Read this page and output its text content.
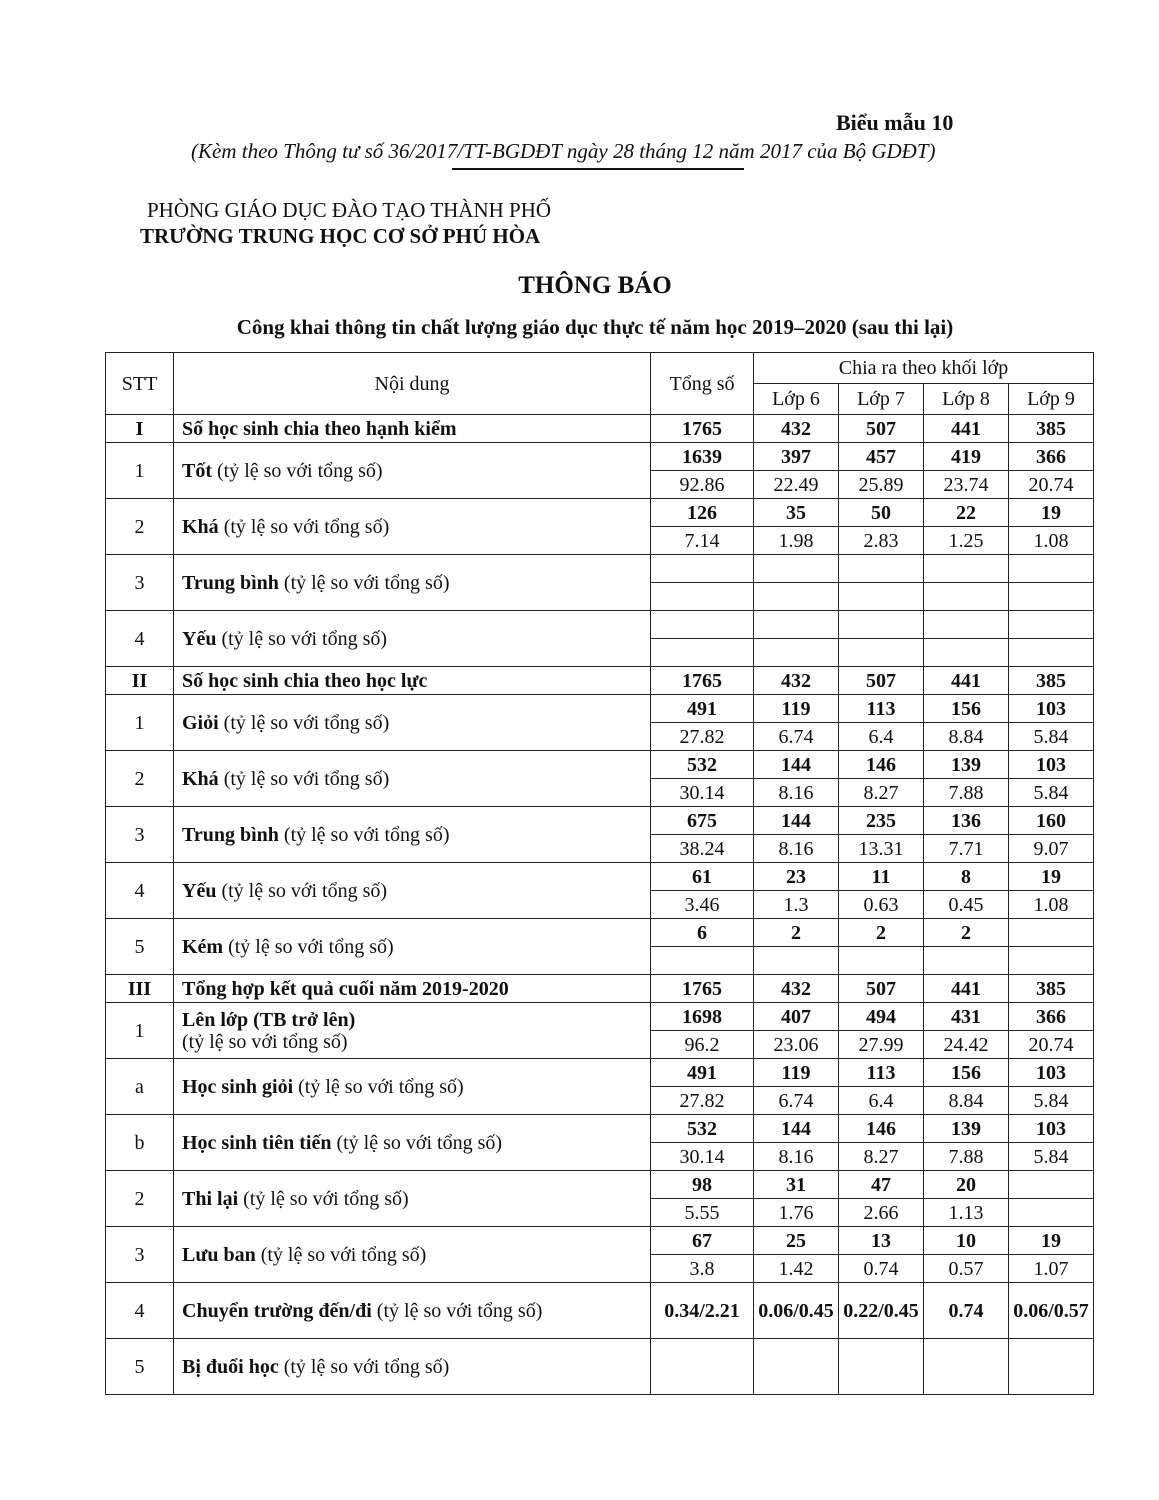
Biểu mẫu 10
(Kèm theo Thông tư số 36/2017/TT-BGDĐT ngày 28 tháng 12 năm 2017 của Bộ GDĐT)
PHÒNG GIÁO DỤC ĐÀO TẠO THÀNH PHỐ
TRƯỜNG TRUNG HỌC CƠ SỞ PHÚ HÒA
THÔNG BÁO
Công khai thông tin chất lượng giáo dục thực tế năm học 2019–2020 (sau thi lại)
STT	Nội dung	Tổng số	Chia ra theo khối lớp			
			Lớp 6	Lớp 7	Lớp 8	Lớp 9
I	Số học sinh chia theo hạnh kiểm	1765	432	507	441	385
1	Tốt (tỷ lệ so với tổng số)	1639	397	457	419	366
		92.86	22.49	25.89	23.74	20.74
2	Khá (tỷ lệ so với tổng số)	126	35	50	22	19
		7.14	1.98	2.83	1.25	1.08
3	Trung bình (tỷ lệ so với tổng số)					

4	Yếu (tỷ lệ so với tổng số)					

II	Số học sinh chia theo học lực	1765	432	507	441	385
1	Giỏi (tỷ lệ so với tổng số)	491	119	113	156	103
		27.82	6.74	6.4	8.84	5.84
2	Khá (tỷ lệ so với tổng số)	532	144	146	139	103
		30.14	8.16	8.27	7.88	5.84
3	Trung bình (tỷ lệ so với tổng số)	675	144	235	136	160
		38.24	8.16	13.31	7.71	9.07
4	Yếu (tỷ lệ so với tổng số)	61	23	11	8	19
		3.46	1.3	0.63	0.45	1.08
5	Kém (tỷ lệ so với tổng số)	6	2	2	2	

III	Tổng hợp kết quả cuối năm 2019-2020	1765	432	507	441	385
1	Lên lớp (TB trở lên)
(tỷ lệ so với tổng số)	1698	407	494	431	366
		96.2	23.06	27.99	24.42	20.74
a	Học sinh giỏi (tỷ lệ so với tổng số)	491	119	113	156	103
		27.82	6.74	6.4	8.84	5.84
b	Học sinh tiên tiến (tỷ lệ so với tổng số)	532	144	146	139	103
		30.14	8.16	8.27	7.88	5.84
2	Thi lại (tỷ lệ so với tổng số)	98	31	47	20	
		5.55	1.76	2.66	1.13	
3	Lưu ban (tỷ lệ so với tổng số)	67	25	13	10	19
		3.8	1.42	0.74	0.57	1.07
4	Chuyển trường đến/đi (tỷ lệ so với tổng số)	0.34/2.21	0.06/0.45	0.22/0.45	0.74	0.06/0.57
5	Bị đuổi học (tỷ lệ so với tổng số)					
